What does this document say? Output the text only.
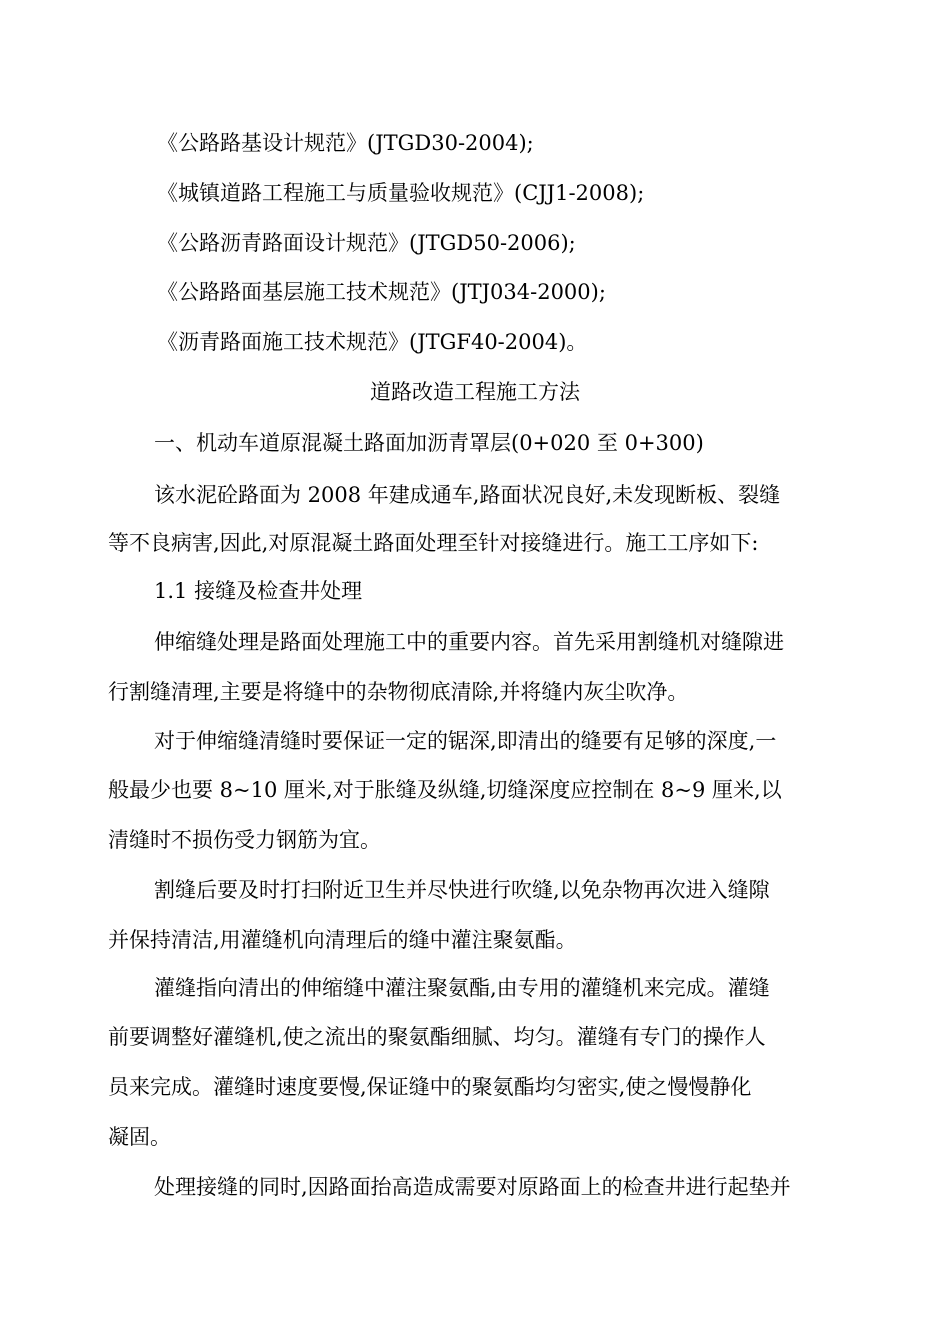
《公路路基设计规范》(JTGD30-2004);

《城镇道路工程施工与质量验收规范》(CJJ1-2008);

《公路沥青路面设计规范》(JTGD50-2006);

《公路路面基层施工技术规范》(JTJ034-2000);

《沥青路面施工技术规范》(JTGF40-2004)。

道路改造工程施工方法

一、机动车道原混凝土路面加沥青罩层(0+020 至 0+300)

该水泥砼路面为 2008 年建成通车,路面状况良好,未发现断板、裂缝

等不良病害,因此,对原混凝土路面处理至针对接缝进行。施工工序如下:

1.1 接缝及检查井处理

伸缩缝处理是路面处理施工中的重要内容。首先采用割缝机对缝隙进

行割缝清理,主要是将缝中的杂物彻底清除,并将缝内灰尘吹净。

对于伸缩缝清缝时要保证一定的锯深,即清出的缝要有足够的深度,一

般最少也要 8~10 厘米,对于胀缝及纵缝,切缝深度应控制在 8~9 厘米,以

清缝时不损伤受力钢筋为宜。

割缝后要及时打扫附近卫生并尽快进行吹缝,以免杂物再次进入缝隙

并保持清洁,用灌缝机向清理后的缝中灌注聚氨酯。

灌缝指向清出的伸缩缝中灌注聚氨酯,由专用的灌缝机来完成。灌缝

前要调整好灌缝机,使之流出的聚氨酯细腻、均匀。灌缝有专门的操作人

员来完成。灌缝时速度要慢,保证缝中的聚氨酯均匀密实,使之慢慢静化

凝固。

处理接缝的同时,因路面抬高造成需要对原路面上的检查井进行起垫并
